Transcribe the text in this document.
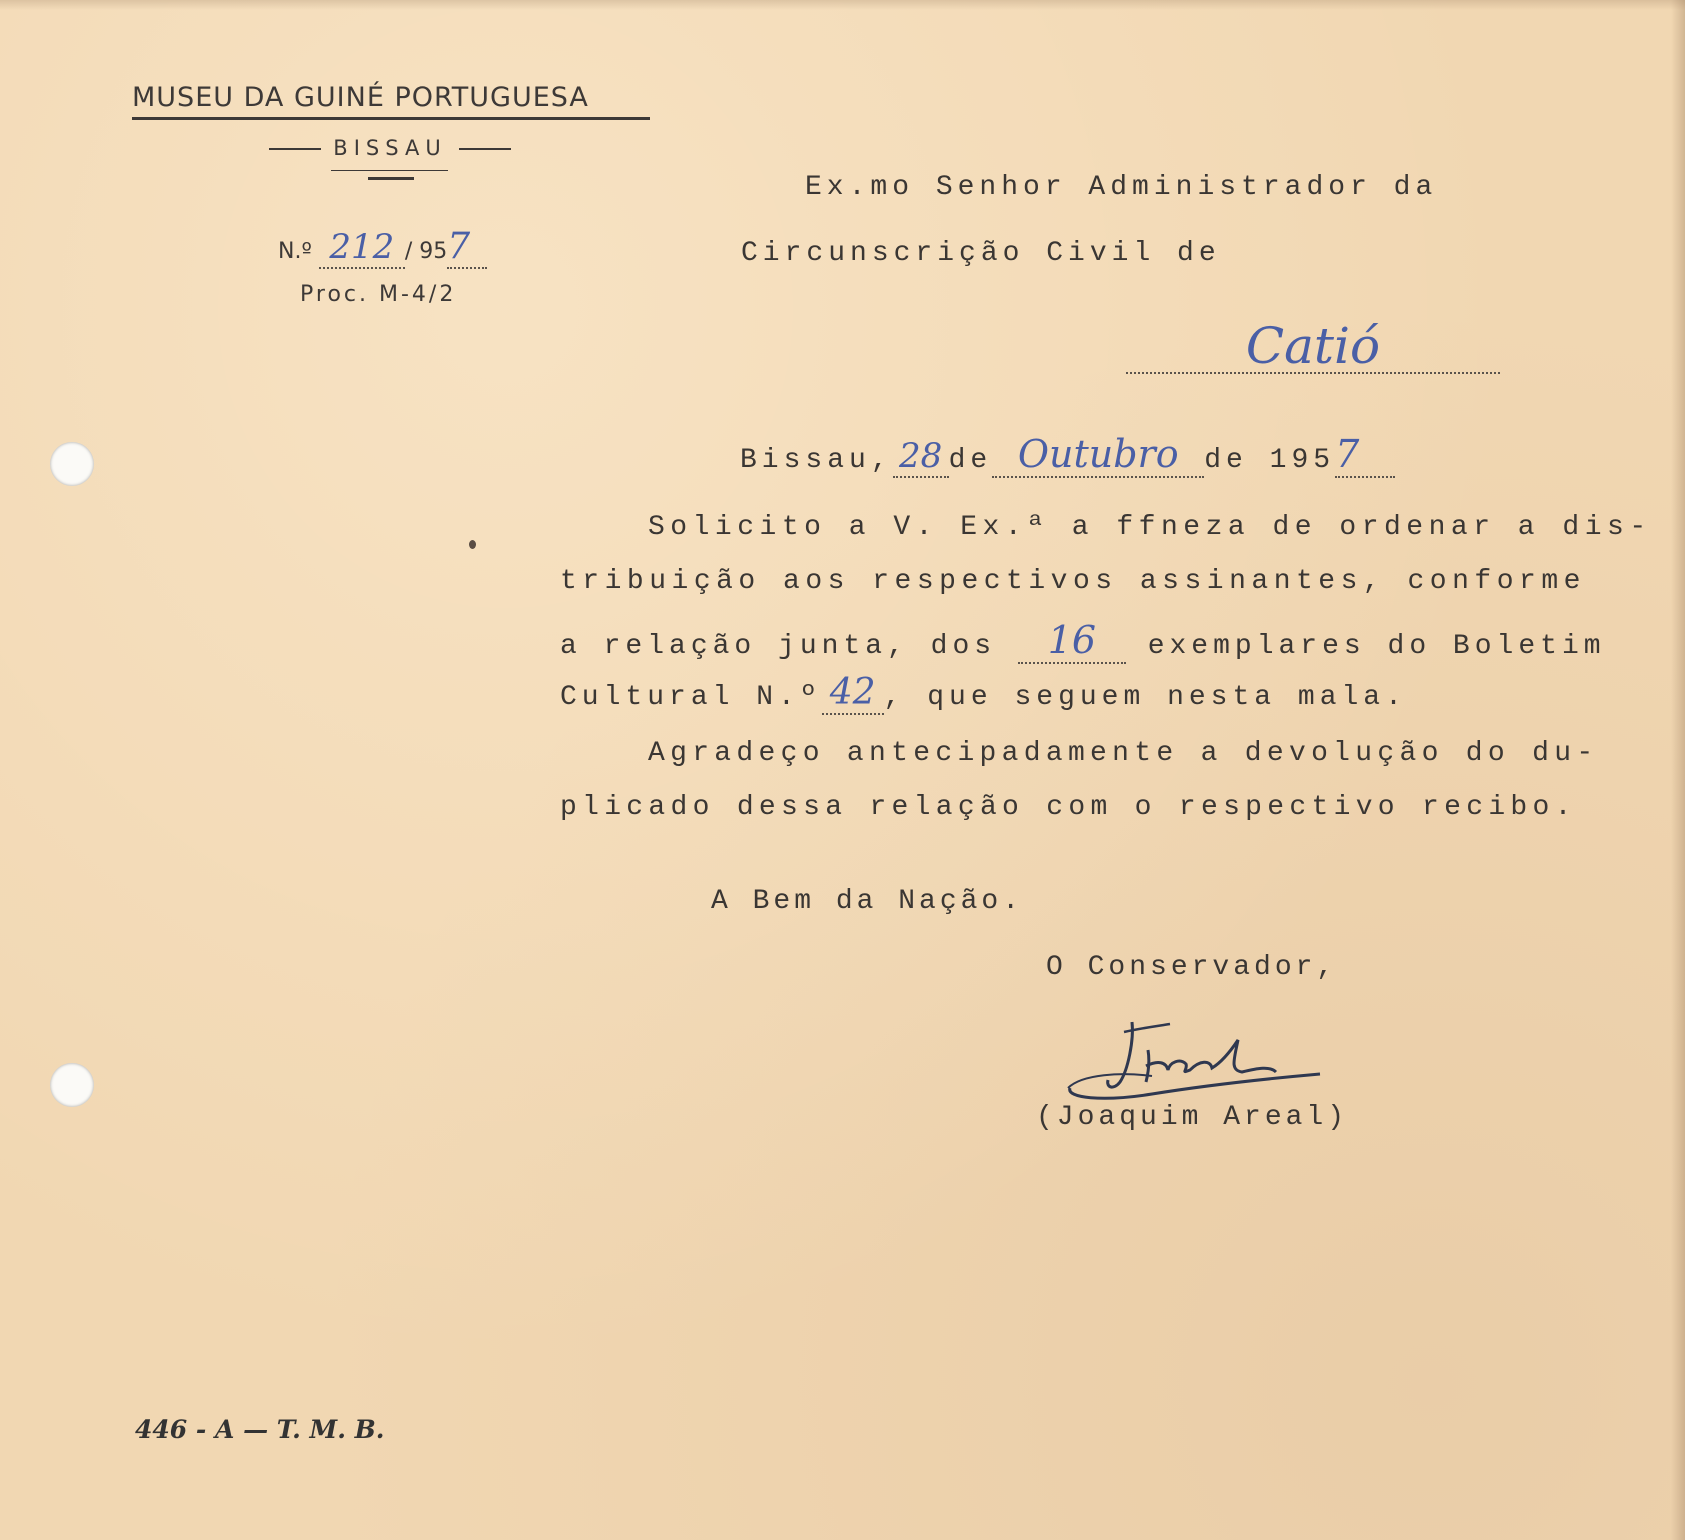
MUSEU DA GUINÉ PORTUGUESA
BISSAU
N.º 212 / 957
Proc. M-4/2
Ex.mo Senhor Administrador da
Circunscrição Civil de
Catió
Bissau, 28 de Outubro de 1957
Solicito a V. Ex.ª a ffneza de ordenar a dis-
tribuição aos respectivos assinantes, conforme
a relação junta, dos 16 exemplares do Boletim
Cultural N.º 42 , que seguem nesta mala.
Agradeço antecipadamente a devolução do du-
plicado dessa relação com o respectivo recibo.
A Bem da Nação.
O Conservador,
(Joaquim Areal)
446 - A — T. M. B.
